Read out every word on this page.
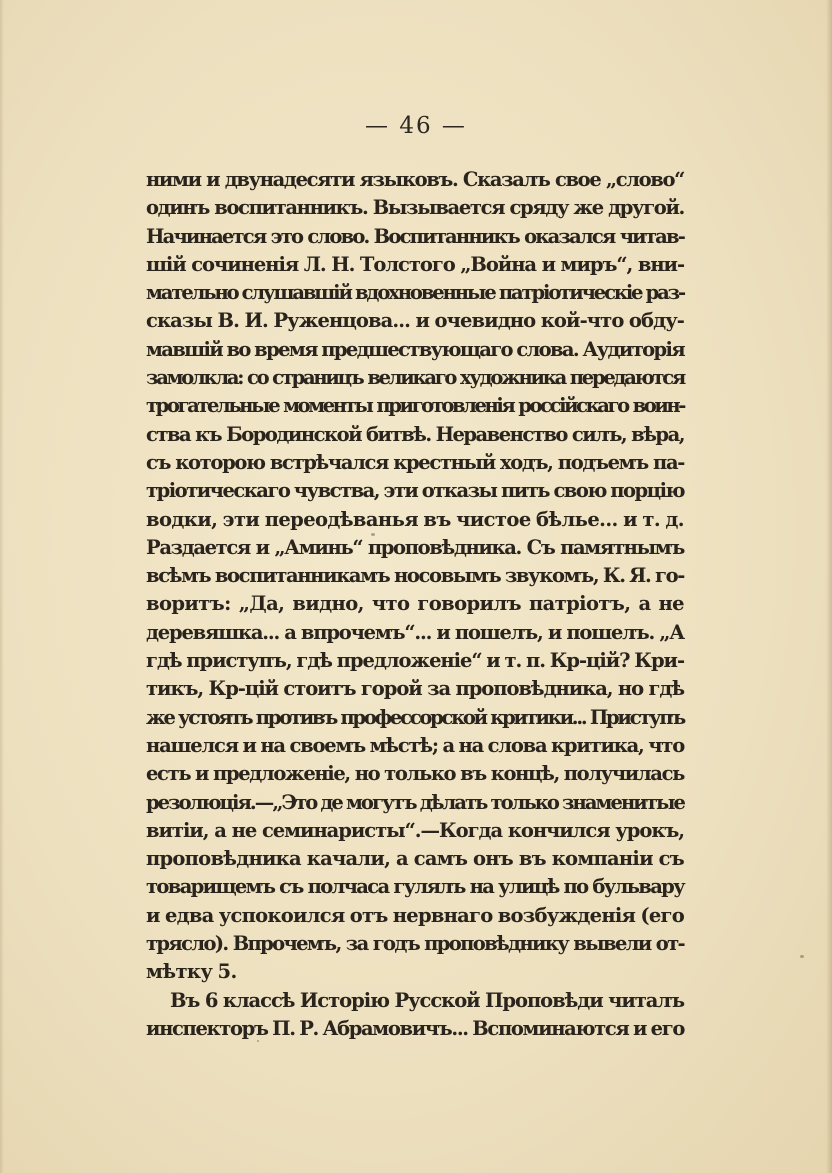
— 46 —
ними и двунадесяти языковъ. Сказалъ свое „слово“
одинъ воспитанникъ. Вызывается сряду же другой.
Начинается это слово. Воспитанникъ оказался читав-
шій сочиненія Л. Н. Толстого „Война и миръ“, вни-
мательно слушавшій вдохновенные патріотическіе раз-
сказы В. И. Руженцова... и очевидно кой-что обду-
мавшій во время предшествующаго слова. Аудиторія
замолкла: со страницъ великаго художника передаются
трогательные моменты приготовленія россійскаго воин-
ства къ Бородинской битвѣ. Неравенство силъ, вѣра,
съ которою встрѣчался крестный ходъ, подъемъ па-
тріотическаго чувства, эти отказы пить свою порцію
водки, эти переодѣванья въ чистое бѣлье... и т. д.
Раздается и „Аминь“ проповѣдника. Съ памятнымъ
всѣмъ воспитанникамъ носовымъ звукомъ, К. Я. го-
воритъ: „Да, видно, что говорилъ патріотъ, а не
деревяшка... а впрочемъ“... и пошелъ, и пошелъ. „А
гдѣ приступъ, гдѣ предложеніе“ и т. п. Кр-цій? Кри-
тикъ, Кр-цій стоитъ горой за проповѣдника, но гдѣ
же устоять противъ профессорской критики... Приступъ
нашелся и на своемъ мѣстѣ; а на слова критика, что
есть и предложеніе, но только въ концѣ, получилась
резолюція.—„Это де могутъ дѣлать только знаменитые
витіи, а не семинаристы“.—Когда кончился урокъ,
проповѣдника качали, а самъ онъ въ компаніи съ
товарищемъ съ полчаса гулялъ на улицѣ по бульвару
и едва успокоился отъ нервнаго возбужденія (его
трясло). Впрочемъ, за годъ проповѣднику вывели от-
мѣтку 5.
Въ 6 классѣ Исторію Русской Проповѣди читалъ
инспекторъ П. Р. Абрамовичъ... Вспоминаются и его
